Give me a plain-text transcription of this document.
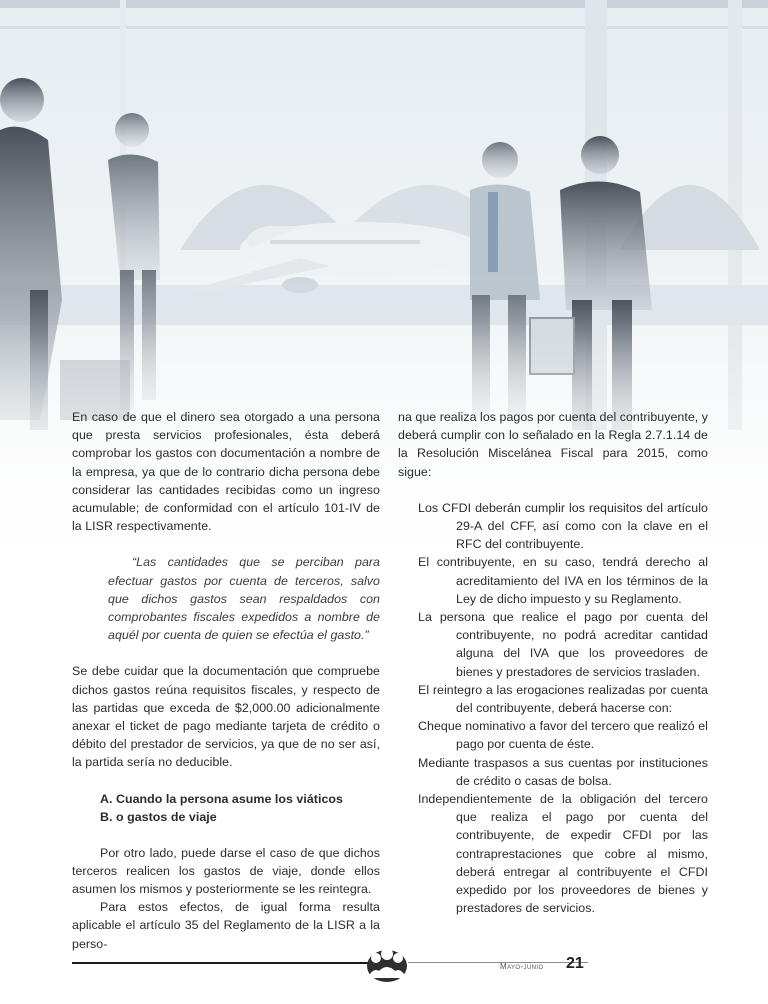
En caso de que el dinero sea otorgado a una persona que presta servicios profesionales, ésta deberá comprobar los gastos con documentación a nombre de la empresa, ya que de lo contrario dicha persona debe considerar las cantidades recibidas como un ingreso acumulable; de conformidad con el artículo 101-IV de la LISR respectivamente.

“Las cantidades que se perciban para efectuar gastos por cuenta de terceros, salvo que dichos gastos sean respaldados con comprobantes fiscales expedidos a nombre de aquél por cuenta de quien se efectúa el gasto.”

Se debe cuidar que la documentación que compruebe dichos gastos reúna requisitos fiscales, y respecto de las partidas que exceda de $2,000.00 adicionalmente anexar el ticket de pago mediante tarjeta de crédito o débito del prestador de servicios, ya que de no ser así, la partida sería no deducible.

A. Cuando la persona asume los viáticos
B. o gastos de viaje

Por otro lado, puede darse el caso de que dichos terceros realicen los gastos de viaje, donde ellos asumen los mismos y posteriormente se les reintegra.

Para estos efectos, de igual forma resulta aplicable el artículo 35 del Reglamento de la LISR a la perso-

na que realiza los pagos por cuenta del contribuyente, y deberá cumplir con lo señalado en la Regla 2.7.1.14 de la Resolución Miscelánea Fiscal para 2015, como sigue:

Los CFDI deberán cumplir los requisitos del artículo 29-A del CFF, así como con la clave en el RFC del contribuyente.

El contribuyente, en su caso, tendrá derecho al acreditamiento del IVA en los términos de la Ley de dicho impuesto y su Reglamento.

La persona que realice el pago por cuenta del contribuyente, no podrá acreditar cantidad alguna del IVA que los proveedores de bienes y prestadores de servicios trasladen.

El reintegro a las erogaciones realizadas por cuenta del contribuyente, deberá hacerse con:

Cheque nominativo a favor del tercero que realizó el pago por cuenta de éste.

Mediante traspasos a sus cuentas por instituciones de crédito o casas de bolsa.

Independientemente de la obligación del tercero que realiza el pago por cuenta del contribuyente, de expedir CFDI por las contraprestaciones que cobre al mismo, deberá entregar al contribuyente el CFDI expedido por los proveedores de bienes y prestadores de servicios.

Mayo-junio 21
